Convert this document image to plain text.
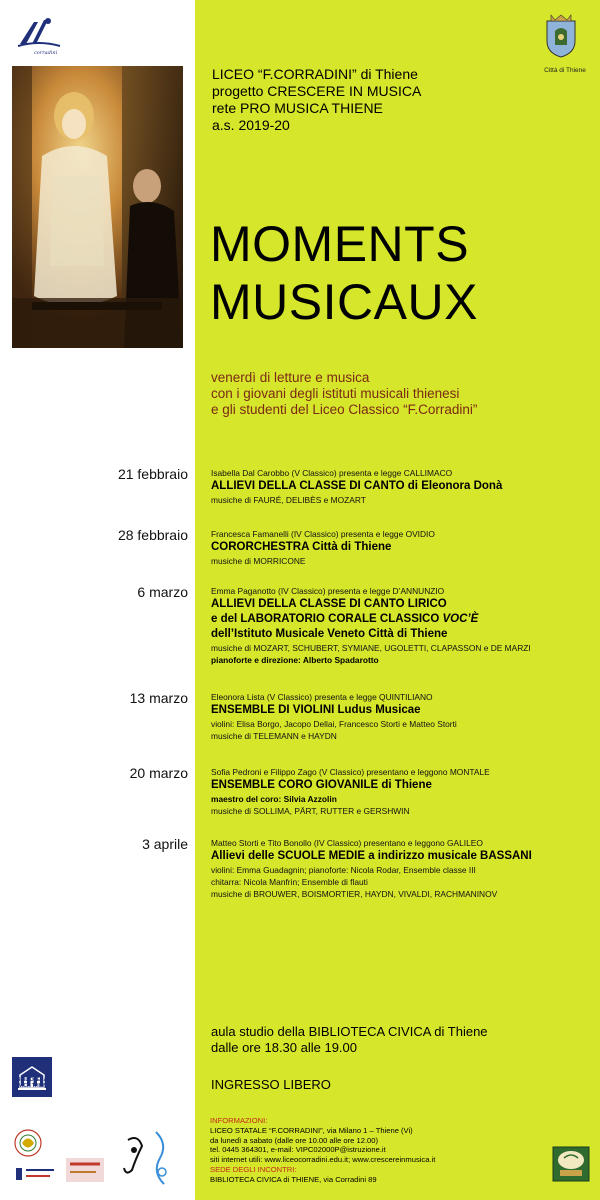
corradini
Città di Thiene
LICEO “F.CORRADINI” di Thiene
progetto CRESCERE IN MUSICA
rete PRO MUSICA THIENE
a.s. 2019-20
MOMENTS
MUSICAUX
venerdì di letture e musica
con i giovani degli istituti musicali thienesi
e gli studenti del Liceo Classico “F.Corradini”
21 febbraio	Isabella Dal Carobbo (V Classico) presenta e legge CALLIMACO
ALLIEVI DELLA CLASSE DI CANTO di Eleonora Donà
musiche di FAURÉ, DELIBÈS e MOZART
28 febbraio	Francesca Famanelli (IV Classico) presenta e legge OVIDIO
CORORCHESTRA Città di Thiene
musiche di MORRICONE
6 marzo	Emma Paganotto (IV Classico) presenta e legge D’ANNUNZIO
ALLIEVI DELLA CLASSE DI CANTO LIRICO
e del LABORATORIO CORALE CLASSICO VOC’È
dell’Istituto Musicale Veneto Città di Thiene
musiche di MOZART, SCHUBERT, SYMIANE, UGOLETTI, CLAPASSON e DE MARZI
pianoforte e direzione: Alberto Spadarotto
13 marzo	Eleonora Lista (V Classico) presenta e legge QUINTILIANO
ENSEMBLE DI VIOLINI Ludus Musicae
violini: Elisa Borgo, Jacopo Dellai, Francesco Storti e Matteo Storti
musiche di TELEMANN e HAYDN
20 marzo	Sofia Pedroni e Filippo Zago (V Classico) presentano e leggono MONTALE
ENSEMBLE CORO GIOVANILE di Thiene
maestro del coro: Silvia Azzolin
musiche di SOLLIMA, PÄRT, RUTTER e GERSHWIN
3 aprile	Matteo Storti e Tito Bonollo (IV Classico) presentano e leggono GALILEO
Allievi delle SCUOLE MEDIE a indirizzo musicale BASSANI
violini: Emma Guadagnin; pianoforte: Nicola Rodar, Ensemble classe III
chitarra: Nicola Manfrin; Ensemble di flauti
musiche di BROUWER, BOISMORTIER, HAYDN, VIVALDI, RACHMANINOV
aula studio della BIBLIOTECA CIVICA di Thiene
dalle ore 18.30 alle 19.00
INGRESSO LIBERO
INFORMAZIONI:
LICEO STATALE “F.CORRADINI”, via Milano 1 – Thiene (Vi)
da lunedì a sabato (dalle ore 10.00 alle ore 12.00)
tel. 0445 364301, e-mail: VIPC02000P@istruzione.it
siti internet utili: www.liceocorradini.edu.it; www.crescereinmusica.it
SEDE DEGLI INCONTRI:
BIBLIOTECA CIVICA di THIENE, via Corradini 89
BIBLIOTECA CIVICA THIENE
